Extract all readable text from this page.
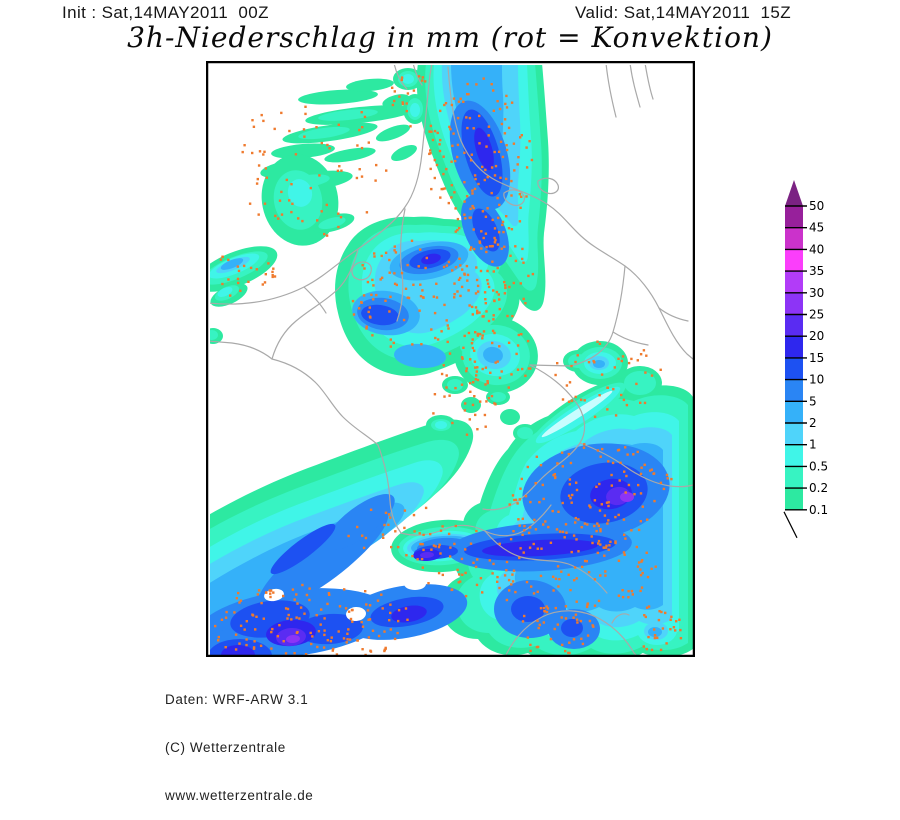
Init : Sat,14MAY2011  00Z	Valid: Sat,14MAY2011  15Z
3h-Niederschlag in mm (rot = Konvektion)
50
45
40
35
30
25
20
15
10
5
2
1
0.5
0.2
0.1

Daten: WRF-ARW 3.1

(C) Wetterzentrale

www.wetterzentrale.de
